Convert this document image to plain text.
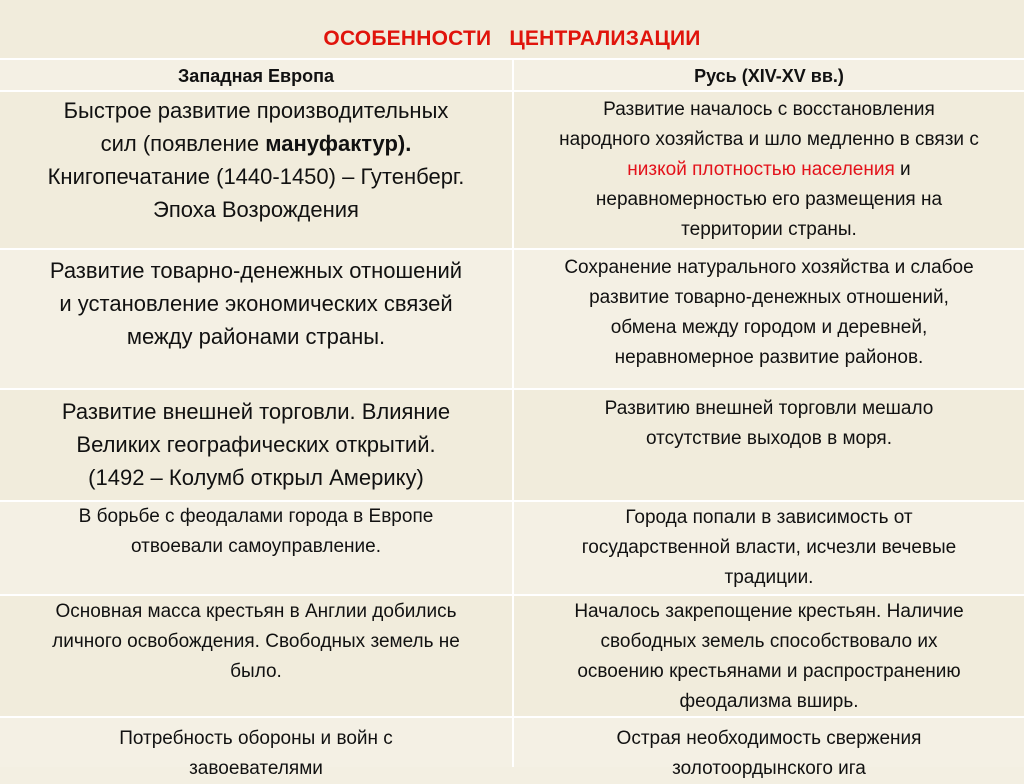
ОСОБЕННОСТИ   ЦЕНТРАЛИЗАЦИИ
Западная Европа	Русь (XIV-XV вв.)
Быстрое развитие производительных
сил (появление мануфактур).
Книгопечатание (1440-1450) – Гутенберг.
Эпоха Возрождения
Развитие началось с восстановления
народного хозяйства и шло медленно в связи с
низкой плотностью населения и
неравномерностью его размещения на
территории страны.
Развитие товарно-денежных отношений
и установление экономических связей
между районами страны.
Сохранение натурального хозяйства и слабое
развитие товарно-денежных отношений,
обмена между городом и деревней,
неравномерное развитие районов.
Развитие внешней торговли. Влияние
Великих географических открытий.
(1492 – Колумб открыл Америку)
Развитию внешней торговли мешало
отсутствие выходов в моря.
В борьбе с феодалами города в Европе
отвоевали самоуправление.
Города попали в зависимость от
государственной власти, исчезли вечевые
традиции.
Основная масса крестьян в Англии добились
личного освобождения. Свободных земель не
было.
Началось закрепощение крестьян. Наличие
свободных земель способствовало их
освоению крестьянами и распространению
феодализма вширь.
Потребность обороны и войн с
завоевателями
Острая необходимость свержения
золотоордынского ига
